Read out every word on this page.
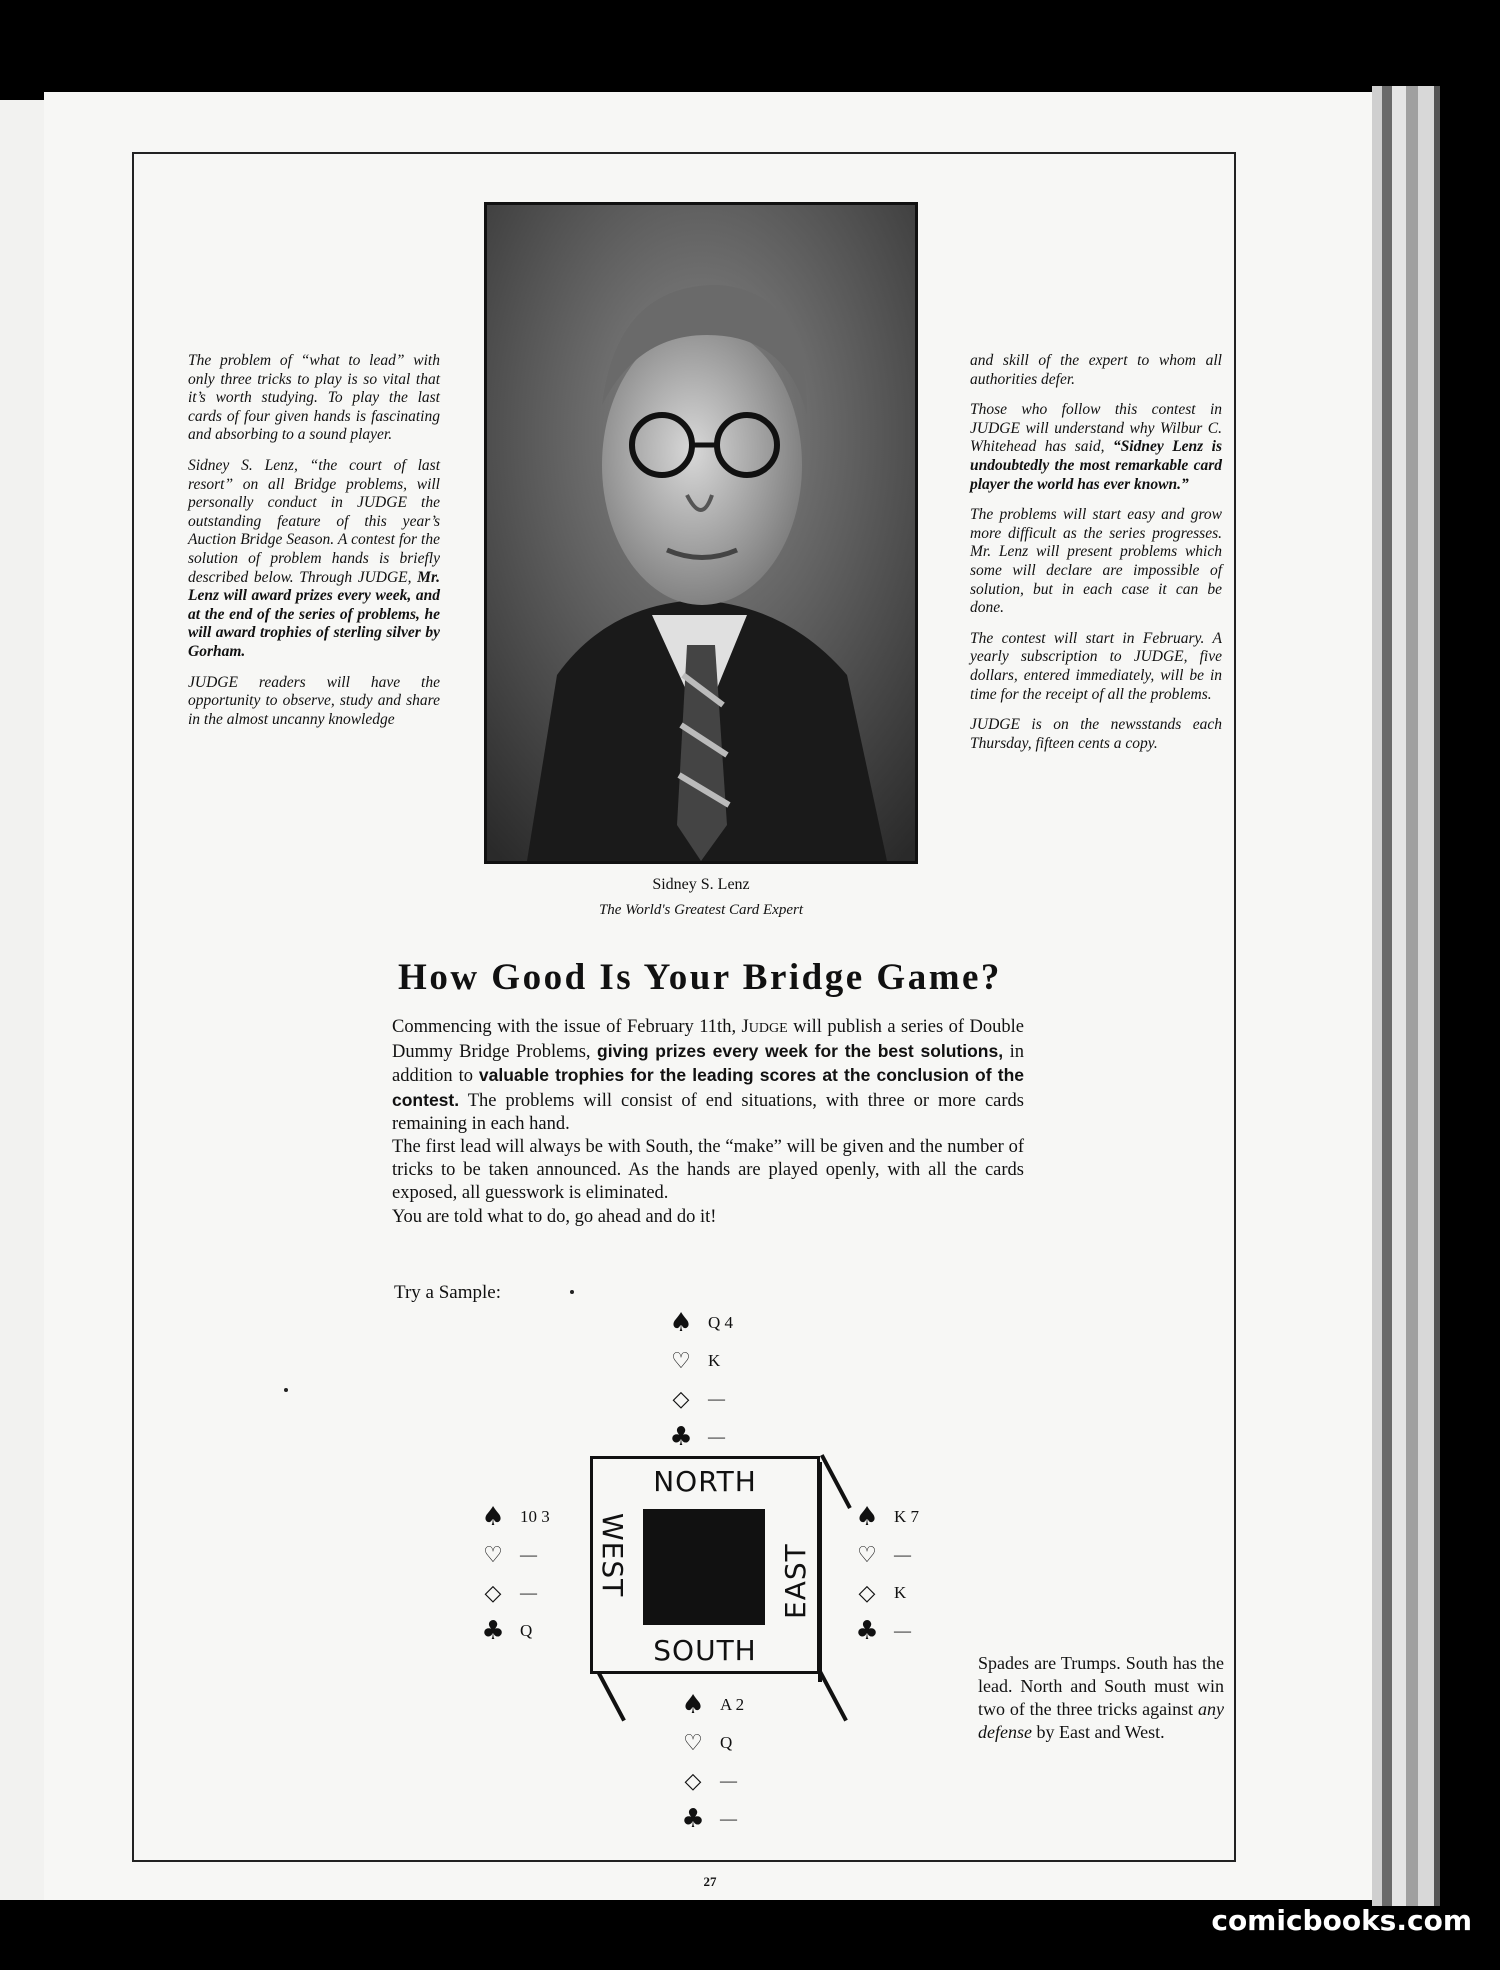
The problem of “what to lead” with only three tricks to play is so vital that it’s worth studying. To play the last cards of four given hands is fascinating and absorbing to a sound player.

Sidney S. Lenz, “the court of last resort” on all Bridge problems, will personally conduct in JUDGE the outstanding feature of this year’s Auction Bridge Season. A contest for the solution of problem hands is briefly described below. Through JUDGE, Mr. Lenz will award prizes every week, and at the end of the series of problems, he will award trophies of sterling silver by Gorham.

JUDGE readers will have the opportunity to observe, study and share in the almost uncanny knowledge

Sidney S. Lenz
The World's Greatest Card Expert

and skill of the expert to whom all authorities defer.

Those who follow this contest in JUDGE will understand why Wilbur C. Whitehead has said, “Sidney Lenz is undoubtedly the most remarkable card player the world has ever known.”

The problems will start easy and grow more difficult as the series progresses. Mr. Lenz will present problems which some will declare are impossible of solution, but in each case it can be done.

The contest will start in February. A yearly subscription to JUDGE, five dollars, entered immediately, will be in time for the receipt of all the problems.

JUDGE is on the newsstands each Thursday, fifteen cents a copy.

How Good Is Your Bridge Game?
Commencing with the issue of February 11th, JUDGE will publish a series of Double Dummy Bridge Problems, giving prizes every week for the best solutions, in addition to valuable trophies for the leading scores at the conclusion of the contest. The problems will consist of end situations, with three or more cards remaining in each hand.
The first lead will always be with South, the “make” will be given and the number of tricks to be taken announced. As the hands are played openly, with all the cards exposed, all guesswork is eliminated.
You are told what to do, go ahead and do it!
Try a Sample:
♠ Q 4
♡ K
◇ —
♣ —
♠ 10 3
♡ —
◇ —
♣ Q
♠ K 7
♡ —
◇ K
♣ —
♠ A 2
♡ Q
◇ —
♣ —
NORTH
SOUTH
WEST	EAST
Spades are Trumps. South has the lead. North and South must win two of the three tricks against any defense by East and West.
27
comicbooks.com
